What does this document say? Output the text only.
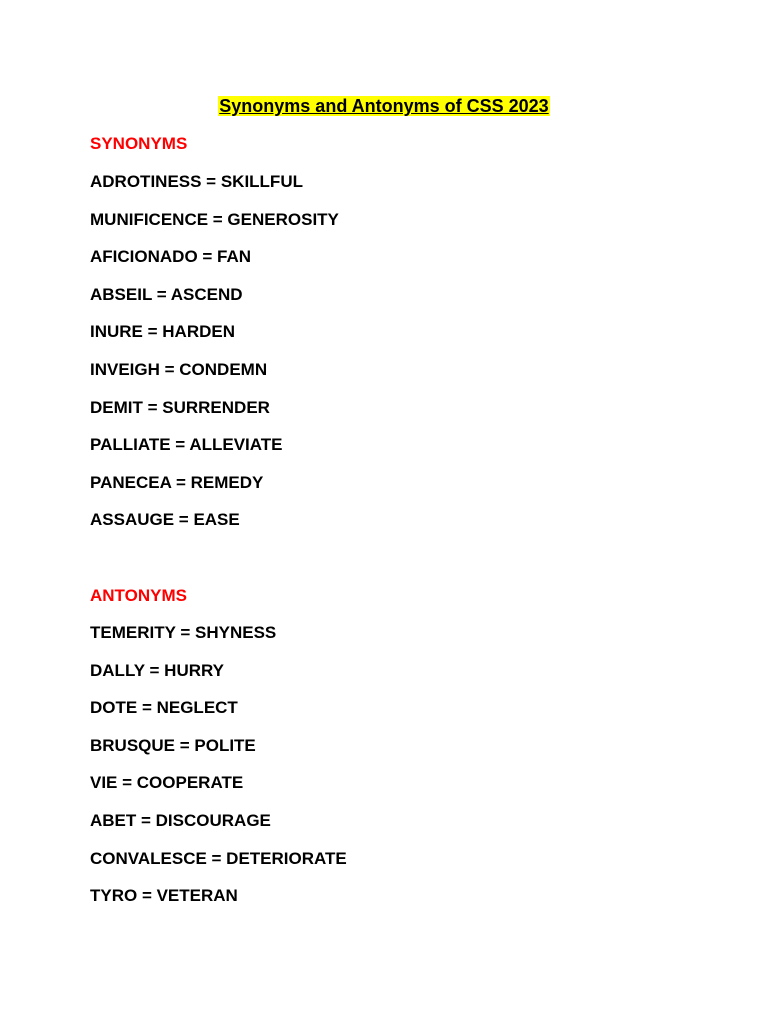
Synonyms and Antonyms of CSS 2023
SYNONYMS
ADROTINESS = SKILLFUL
MUNIFICENCE = GENEROSITY
AFICIONADO = FAN
ABSEIL = ASCEND
INURE = HARDEN
INVEIGH = CONDEMN
DEMIT = SURRENDER
PALLIATE = ALLEVIATE
PANECEA = REMEDY
ASSAUGE = EASE
ANTONYMS
TEMERITY = SHYNESS
DALLY = HURRY
DOTE = NEGLECT
BRUSQUE = POLITE
VIE = COOPERATE
ABET = DISCOURAGE
CONVALESCE = DETERIORATE
TYRO = VETERAN
